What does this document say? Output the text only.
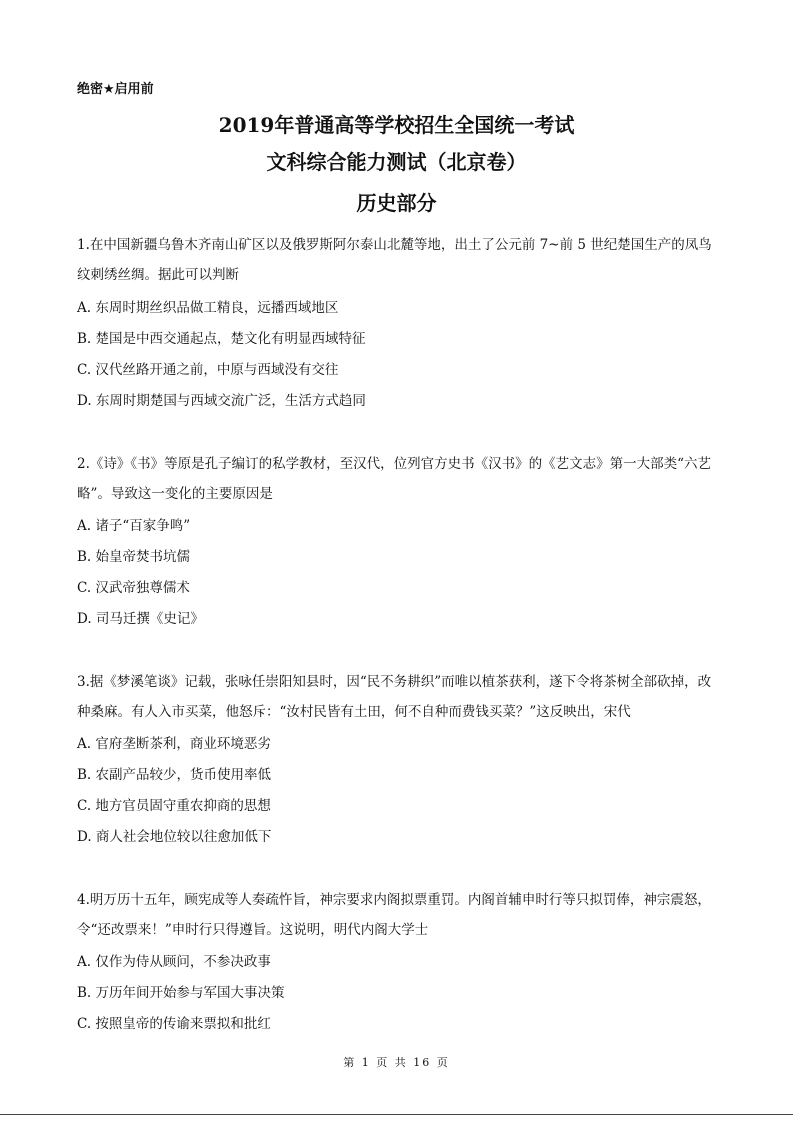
绝密★启用前
2019年普通高等学校招生全国统一考试
文科综合能力测试（北京卷）
历史部分
1.在中国新疆乌鲁木齐南山矿区以及俄罗斯阿尔泰山北麓等地，出土了公元前 7~前 5 世纪楚国生产的凤鸟纹刺绣丝绸。据此可以判断
A. 东周时期丝织品做工精良，远播西域地区
B. 楚国是中西交通起点，楚文化有明显西域特征
C. 汉代丝路开通之前，中原与西域没有交往
D. 东周时期楚国与西域交流广泛，生活方式趋同
2.《诗》《书》等原是孔子编订的私学教材，至汉代，位列官方史书《汉书》的《艺文志》第一大部类“六艺略”。导致这一变化的主要原因是
A. 诸子“百家争鸣”
B. 始皇帝焚书坑儒
C. 汉武帝独尊儒术
D. 司马迁撰《史记》
3.据《梦溪笔谈》记载，张咏任崇阳知县时，因“民不务耕织”而唯以植茶获利，遂下令将茶树全部砍掉，改种桑麻。有人入市买菜，他怒斥：“汝村民皆有土田，何不自种而费钱买菜？”这反映出，宋代
A. 官府垄断茶利，商业环境恶劣
B. 农副产品较少，货币使用率低
C. 地方官员固守重农抑商的思想
D. 商人社会地位较以往愈加低下
4.明万历十五年，顾宪成等人奏疏忤旨，神宗要求内阁拟票重罚。内阁首辅申时行等只拟罚俸，神宗震怒，令“还改票来！”申时行只得遵旨。这说明，明代内阁大学士
A. 仅作为侍从顾问，不参决政事
B. 万历年间开始参与军国大事决策
C. 按照皇帝的传谕来票拟和批红
第 1 页 共 16 页
